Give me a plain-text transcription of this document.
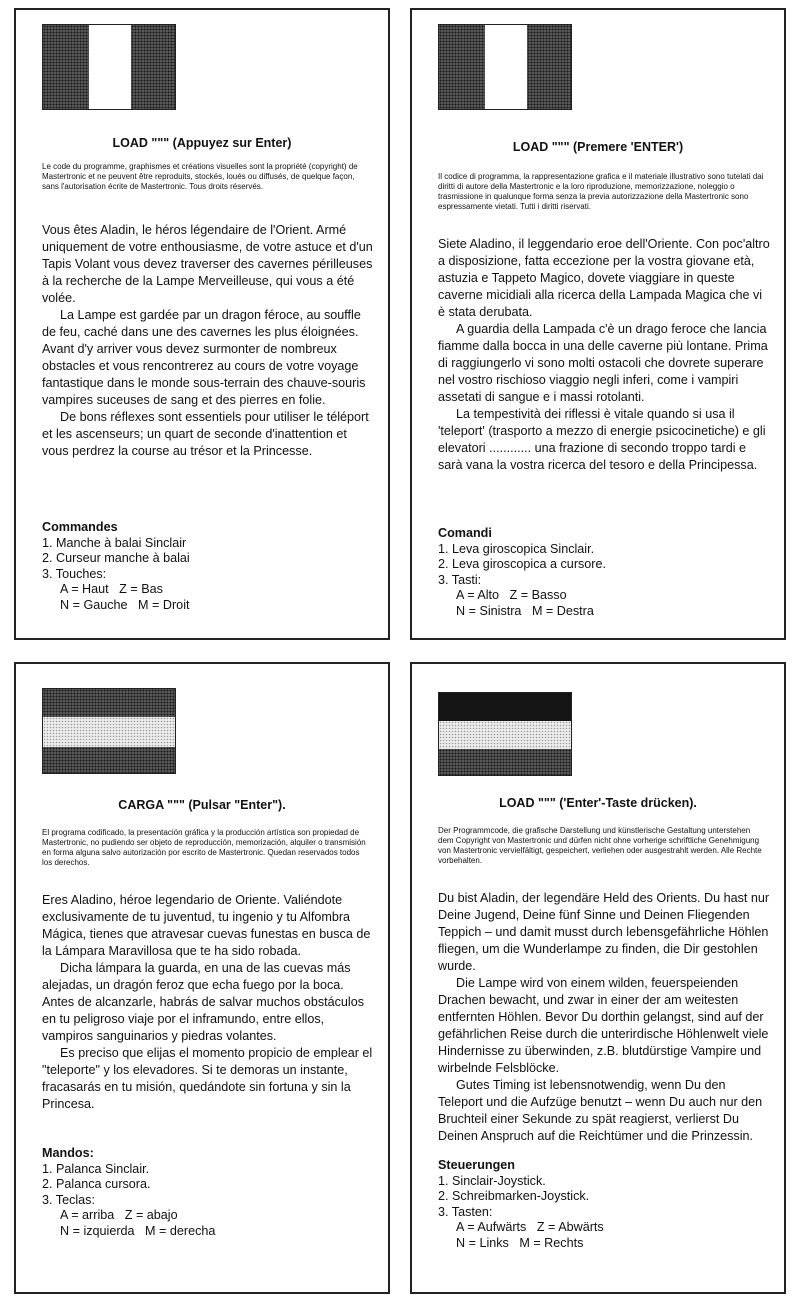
LOAD """ (Appuyez sur Enter)
Le code du programme, graphismes et créations visuelles sont la propriété (copyright) de Mastertronic et ne peuvent être reproduits, stockés, loués ou diffusés, de quelque façon, sans l'autorisation écrite de Mastertronic. Tous droits réservés.

Vous êtes Aladin, le héros légendaire de l'Orient. Armé uniquement de votre enthousiasme, de votre astuce et d'un Tapis Volant vous devez traverser des cavernes périlleuses à la recherche de la Lampe Merveilleuse, qui vous a été volée.

La Lampe est gardée par un dragon féroce, au souffle de feu, caché dans une des cavernes les plus éloignées. Avant d'y arriver vous devez surmonter de nombreux obstacles et vous rencontrerez au cours de votre voyage fantastique dans le monde sous-terrain des chauve-souris vampires suceuses de sang et des pierres en folie.

De bons réflexes sont essentiels pour utiliser le téléport et les ascenseurs; un quart de seconde d'inattention et vous perdrez la course au trésor et la Princesse.

Commandes
1. Manche à balai Sinclair
2. Curseur manche à balai
3. Touches:
A = Haut   Z = Bas
N = Gauche   M = Droit
LOAD """ (Premere 'ENTER')
Il codice di programma, la rappresentazione grafica e il materiale illustrativo sono tutelati dai diritti di autore della Mastertronic e la loro riproduzione, memorizzazione, noleggio o trasmissione in qualunque forma senza la previa autorizzazione della Mastertronic sono espressamente vietati. Tutti i diritti riservati.

Siete Aladino, il leggendario eroe dell'Oriente. Con poc'altro a disposizione, fatta eccezione per la vostra giovane età, astuzia e Tappeto Magico, dovete viaggiare in queste caverne micidiali alla ricerca della Lampada Magica che vi è stata derubata.

A guardia della Lampada c'è un drago feroce che lancia fiamme dalla bocca in una delle caverne più lontane. Prima di raggiungerlo vi sono molti ostacoli che dovrete superare nel vostro rischioso viaggio negli inferi, come i vampiri assetati di sangue e i massi rotolanti.

La tempestività dei riflessi è vitale quando si usa il 'teleport' (trasporto a mezzo di energie psicocinetiche) e gli elevatori ............ una frazione di secondo troppo tardi e sarà vana la vostra ricerca del tesoro e della Principessa.

Comandi
1. Leva giroscopica Sinclair.
2. Leva giroscopica a cursore.
3. Tasti:
A = Alto   Z = Basso
N = Sinistra   M = Destra
CARGA """ (Pulsar "Enter").
El programa codificado, la presentación gráfica y la producción artística son propiedad de Mastertronic, no pudiendo ser objeto de reproducción, memorización, alquiler o transmisión en forma alguna salvo autorización por escrito de Mastertronic. Quedan reservados todos los derechos.

Eres Aladino, héroe legendario de Oriente. Valiéndote exclusivamente de tu juventud, tu ingenio y tu Alfombra Mágica, tienes que atravesar cuevas funestas en busca de la Lámpara Maravillosa que te ha sido robada.

Dicha lámpara la guarda, en una de las cuevas más alejadas, un dragón feroz que echa fuego por la boca. Antes de alcanzarle, habrás de salvar muchos obstáculos en tu peligroso viaje por el inframundo, entre ellos, vampiros sanguinarios y piedras volantes.

Es preciso que elijas el momento propicio de emplear el "teleporte" y los elevadores. Si te demoras un instante, fracasarás en tu misión, quedándote sin fortuna y sin la Princesa.

Mandos:
1. Palanca Sinclair.
2. Palanca cursora.
3. Teclas:
A = arriba   Z = abajo
N = izquierda   M = derecha
LOAD """ ('Enter'-Taste drücken).
Der Programmcode, die grafische Darstellung und künstlerische Gestaltung unterstehen dem Copyright von Mastertronic und dürfen nicht ohne vorherige schriftliche Genehmigung von Mastertronic vervielfältigt, gespeichert, verliehen oder ausgestrahlt werden. Alle Rechte vorbehalten.

Du bist Aladin, der legendäre Held des Orients. Du hast nur Deine Jugend, Deine fünf Sinne und Deinen Fliegenden Teppich – und damit musst durch lebensgefährliche Höhlen fliegen, um die Wunderlampe zu finden, die Dir gestohlen wurde.

Die Lampe wird von einem wilden, feuerspeienden Drachen bewacht, und zwar in einer der am weitesten entfernten Höhlen. Bevor Du dorthin gelangst, sind auf der gefährlichen Reise durch die unterirdische Höhlenwelt viele Hindernisse zu überwinden, z.B. blutdürstige Vampire und wirbelnde Felsblöcke.

Gutes Timing ist lebensnotwendig, wenn Du den Teleport und die Aufzüge benutzt – wenn Du auch nur den Bruchteil einer Sekunde zu spät reagierst, verlierst Du Deinen Anspruch auf die Reichtümer und die Prinzessin.

Steuerungen
1. Sinclair-Joystick.
2. Schreibmarken-Joystick.
3. Tasten:
A = Aufwärts   Z = Abwärts
N = Links   M = Rechts
